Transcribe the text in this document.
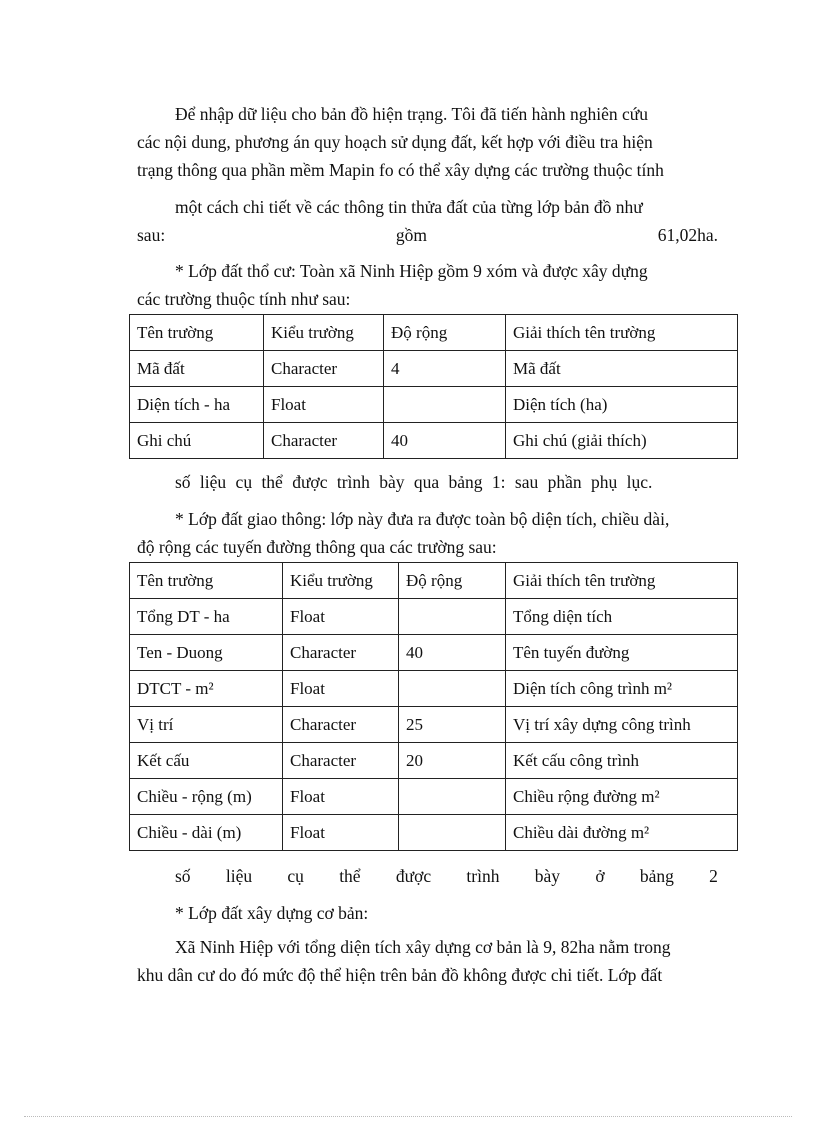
Để nhập dữ liệu cho bản đồ hiện trạng. Tôi đã tiến hành nghiên cứu
các nội dung, phương án quy hoạch sử dụng đất, kết hợp với điều tra hiện
trạng thông qua phần mềm Mapin fo có thể xây dựng các trường thuộc tính
một cách chi tiết về các thông tin thửa đất của từng lớp bản đồ như
sau:	gồm	61,02ha.
* Lớp đất thổ cư: Toàn xã Ninh Hiệp gồm 9 xóm và được xây dựng
các trường thuộc tính như sau:
Tên trường	Kiểu trường	Độ rộng	Giải thích tên trường
Mã đất	Character	4	Mã đất
Diện tích - ha	Float		Diện tích (ha)
Ghi chú	Character	40	Ghi chú (giải thích)
số liệu cụ thể được trình bày qua bảng 1: sau phần phụ lục.
* Lớp đất giao thông: lớp này đưa ra được toàn bộ diện tích, chiều dài,
độ rộng các tuyến đường thông qua các trường sau:
Tên trường	Kiểu trường	Độ rộng	Giải thích tên trường
Tổng DT - ha	Float		Tổng diện tích
Ten - Duong	Character	40	Tên tuyến đường
DTCT - m²	Float		Diện tích công trình m²
Vị trí	Character	25	Vị trí xây dựng công trình
Kết cấu	Character	20	Kết cấu công trình
Chiều - rộng (m)	Float		Chiều rộng đường m²
Chiều - dài (m)	Float		Chiều dài đường m²
số liệu cụ thể được trình bày ở bảng 2
* Lớp đất xây dựng cơ bản:
Xã Ninh Hiệp với tổng diện tích xây dựng cơ bản là 9, 82ha nằm trong
khu dân cư do đó mức độ thể hiện trên bản đồ không được chi tiết. Lớp đất
